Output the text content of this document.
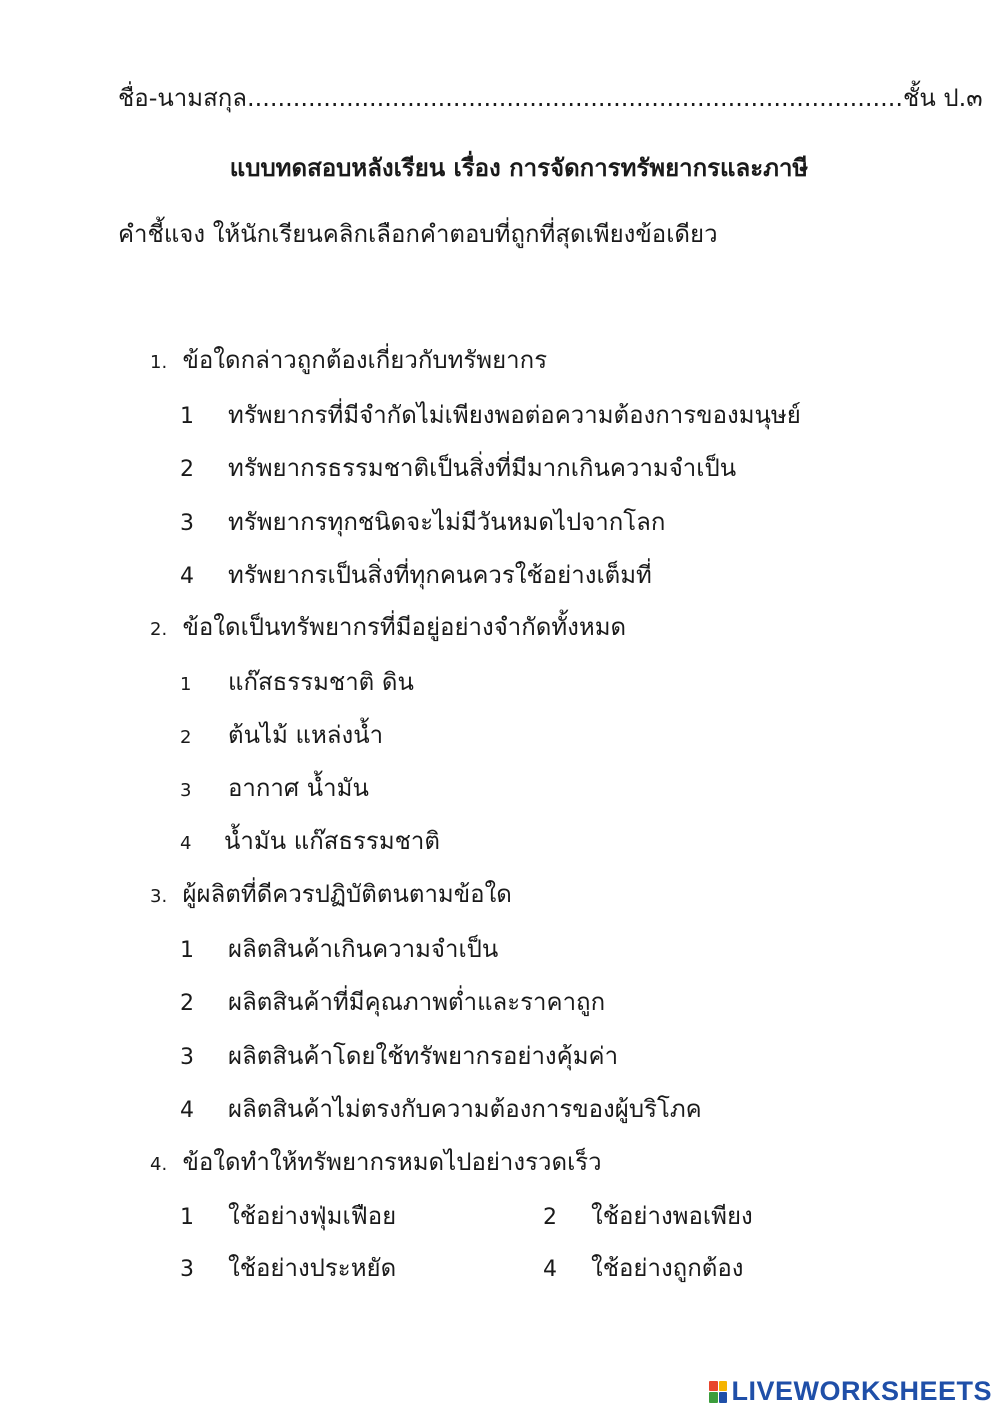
ชื่อ-นามสกุล......................................................................................ชั้น ป.๓
แบบทดสอบหลังเรียน เรื่อง การจัดการทรัพยากรและภาษี
คำชี้แจง ให้นักเรียนคลิกเลือกคำตอบที่ถูกที่สุดเพียงข้อเดียว
1. ข้อใดกล่าวถูกต้องเกี่ยวกับทรัพยากร
1 ทรัพยากรที่มีจำกัดไม่เพียงพอต่อความต้องการของมนุษย์
2 ทรัพยากรธรรมชาติเป็นสิ่งที่มีมากเกินความจำเป็น
3 ทรัพยากรทุกชนิดจะไม่มีวันหมดไปจากโลก
4 ทรัพยากรเป็นสิ่งที่ทุกคนควรใช้อย่างเต็มที่
2. ข้อใดเป็นทรัพยากรที่มีอยู่อย่างจำกัดทั้งหมด
1 แก๊สธรรมชาติ ดิน
2 ต้นไม้ แหล่งน้ำ
3 อากาศ น้ำมัน
4 น้ำมัน แก๊สธรรมชาติ
3. ผู้ผลิตที่ดีควรปฏิบัติตนตามข้อใด
1 ผลิตสินค้าเกินความจำเป็น
2 ผลิตสินค้าที่มีคุณภาพต่ำและราคาถูก
3 ผลิตสินค้าโดยใช้ทรัพยากรอย่างคุ้มค่า
4 ผลิตสินค้าไม่ตรงกับความต้องการของผู้บริโภค
4. ข้อใดทำให้ทรัพยากรหมดไปอย่างรวดเร็ว
1 ใช้อย่างฟุ่มเฟือย	2 ใช้อย่างพอเพียง
3 ใช้อย่างประหยัด	4 ใช้อย่างถูกต้อง
LIVEWORKSHEETS
